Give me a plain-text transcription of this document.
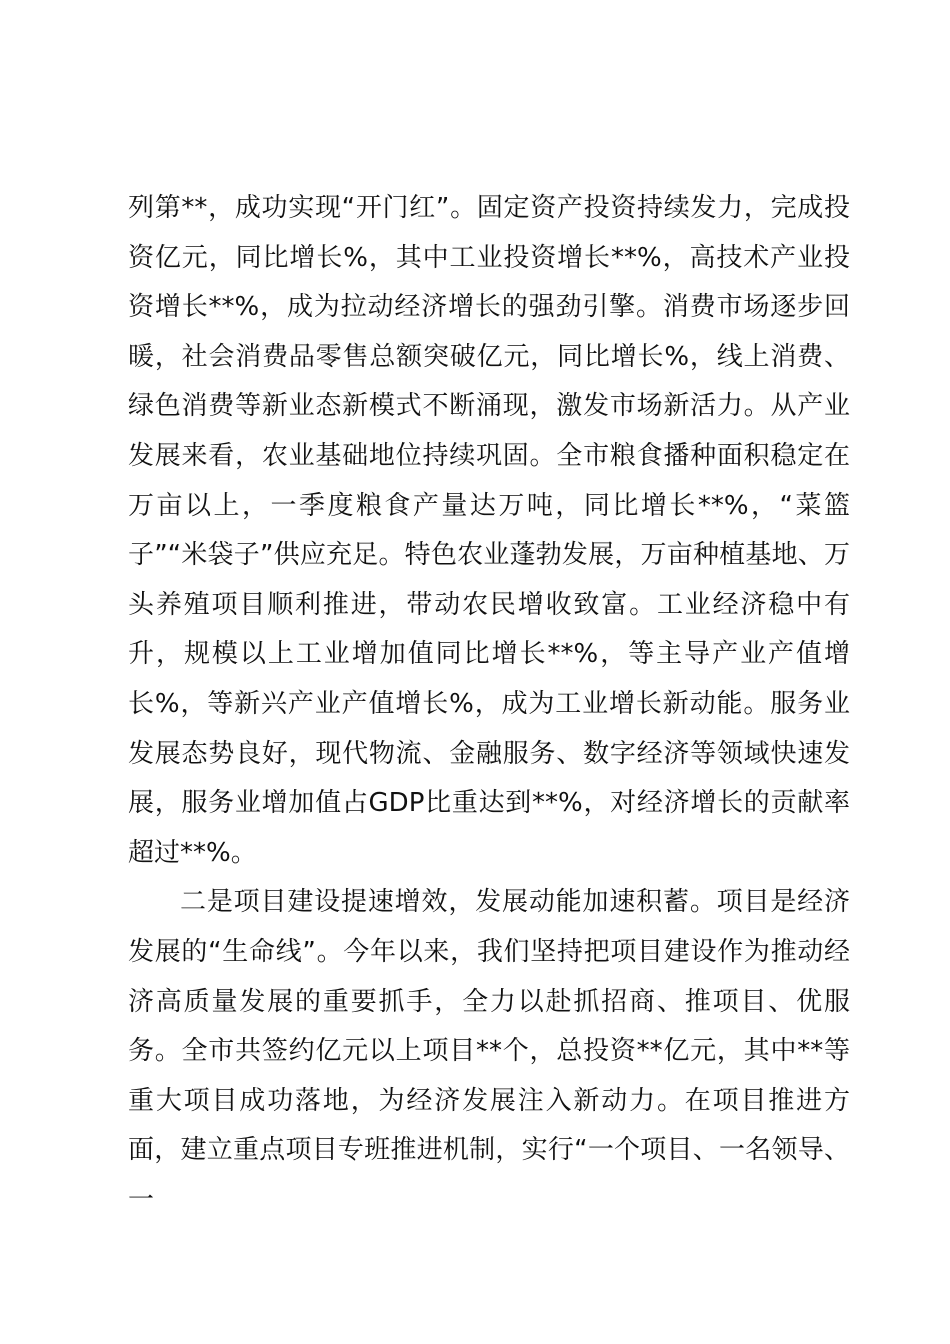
列第**，成功实现“开门红”。固定资产投资持续发力，完成投资亿元，同比增长%，其中工业投资增长**%，高技术产业投资增长**%，成为拉动经济增长的强劲引擎。消费市场逐步回暖，社会消费品零售总额突破亿元，同比增长%，线上消费、绿色消费等新业态新模式不断涌现，激发市场新活力。从产业发展来看，农业基础地位持续巩固。全市粮食播种面积稳定在万亩以上，一季度粮食产量达万吨，同比增长**%，“菜篮子”“米袋子”供应充足。特色农业蓬勃发展，万亩种植基地、万头养殖项目顺利推进，带动农民增收致富。工业经济稳中有升，规模以上工业增加值同比增长**%，等主导产业产值增长%，等新兴产业产值增长%，成为工业增长新动能。服务业发展态势良好，现代物流、金融服务、数字经济等领域快速发展，服务业增加值占GDP比重达到**%，对经济增长的贡献率超过**%。

二是项目建设提速增效，发展动能加速积蓄。项目是经济发展的“生命线”。今年以来，我们坚持把项目建设作为推动经济高质量发展的重要抓手，全力以赴抓招商、推项目、优服务。全市共签约亿元以上项目**个，总投资**亿元，其中**等重大项目成功落地，为经济发展注入新动力。在项目推进方面，建立重点项目专班推进机制，实行“一个项目、一名领导、一
